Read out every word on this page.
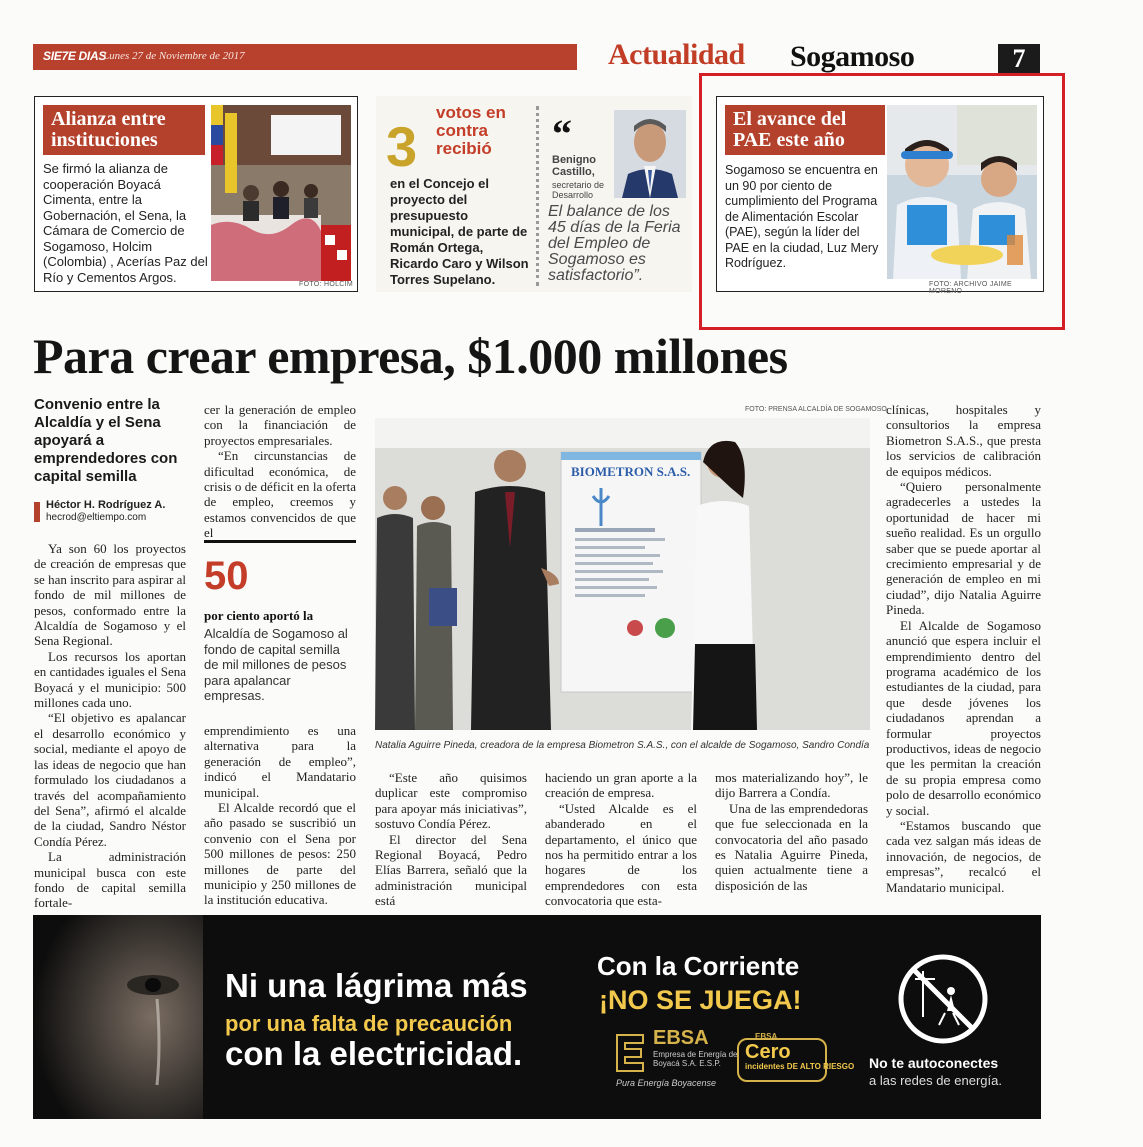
SIE7E DIAS
Lunes 27 de Noviembre de 2017	Actualidad Sogamoso	7
Alianza entre instituciones
Se firmó la alianza de cooperación Boyacá Cimenta, entre la Gobernación, el Sena, la Cámara de Comercio de Sogamoso, Holcim (Colombia) , Acerías Paz del Río y Cementos Argos.	FOTO: HOLCIM
3
votos en contra recibió
en el Concejo el proyecto del presupuesto municipal, de parte de Román Ortega, Ricardo Caro y Wilson Torres Supelano.
“
Benigno Castillo,
secretario de Desarrollo
El balance de los 45 días de la Feria del Empleo de Sogamoso es satisfactorio”.
El avance del PAE este año
Sogamoso se encuentra en un 90 por ciento de cumplimiento del Programa de Alimentación Escolar (PAE), según la líder del PAE en la ciudad, Luz Mery Rodríguez.
FOTO: ARCHIVO JAIME MORENO
Para crear empresa, $1.000 millones
Convenio entre la Alcaldía y el Sena apoyará a emprendedores con capital semilla
Héctor H. Rodríguez A.
hecrod@eltiempo.com

Ya son 60 los proyectos de creación de empresas que se han inscrito para aspirar al fondo de mil millones de pesos, conformado entre la Alcaldía de Sogamoso y el Sena Regional.

Los recursos los aportan en cantidades iguales el Sena Boyacá y el municipio: 500 millones cada uno.

“El objetivo es apalancar el desarrollo económico y social, mediante el apoyo de las ideas de negocio que han formulado los ciudadanos a través del acompañamiento del Sena”, afirmó el alcalde de la ciudad, Sandro Néstor Condía Pérez.

La administración municipal busca con este fondo de capital semilla fortale-

cer la generación de empleo con la financiación de proyectos empresariales.

“En circunstancias de dificultad económica, de crisis o de déficit en la oferta de empleo, creemos y estamos convencidos de que el

50
por ciento aportó la
Alcaldía de Sogamoso al fondo de capital semilla de mil millones de pesos para apalancar empresas.

emprendimiento es una alternativa para la generación de empleo”, indicó el Mandatario municipal.

El Alcalde recordó que el año pasado se suscribió un convenio con el Sena por 500 millones de pesos: 250 millones de parte del municipio y 250 millones de la institución educativa.

FOTO: PRENSA ALCALDÍA DE SOGAMOSO
BIOMETRON S.A.S.
Natalia Aguirre Pineda, creadora de la empresa Biometron S.A.S., con el alcalde de Sogamoso, Sandro Condía

“Este año quisimos duplicar este compromiso para apoyar más iniciativas”, sostuvo Condía Pérez.

El director del Sena Regional Boyacá, Pedro Elías Barrera, señaló que la administración municipal está

haciendo un gran aporte a la creación de empresa.

“Usted Alcalde es el abanderado en el departamento, el único que nos ha permitido entrar a los hogares de los emprendedores con esta convocatoria que esta-

mos materializando hoy”, le dijo Barrera a Condía.

Una de las emprendedoras que fue seleccionada en la convocatoria del año pasado es Natalia Aguirre Pineda, quien actualmente tiene a disposición de las

clínicas, hospitales y consultorios la empresa Biometron S.A.S., que presta los servicios de calibración de equipos médicos.

“Quiero personalmente agradecerles a ustedes la oportunidad de hacer mi sueño realidad. Es un orgullo saber que se puede aportar al crecimiento empresarial y de generación de empleo en mi ciudad”, dijo Natalia Aguirre Pineda.

El Alcalde de Sogamoso anunció que espera incluir el emprendimiento dentro del programa académico de los estudiantes de la ciudad, para que desde jóvenes los ciudadanos aprendan a formular proyectos productivos, ideas de negocio que les permitan la creación de su propia empresa como polo de desarrollo económico y social.

“Estamos buscando que cada vez salgan más ideas de innovación, de negocios, de empresas”, recalcó el Mandatario municipal.

Ni una lágrima más
por una falta de precaución
con la electricidad.
Con la Corriente
¡NO SE JUEGA!
EBSA
Empresa de Energía de Boyacá S.A. E.S.P.
Pura Energía Boyacense
EBSA
Cero
incidentes DE ALTO RIESGO No te autoconectes
a las redes de energía.
